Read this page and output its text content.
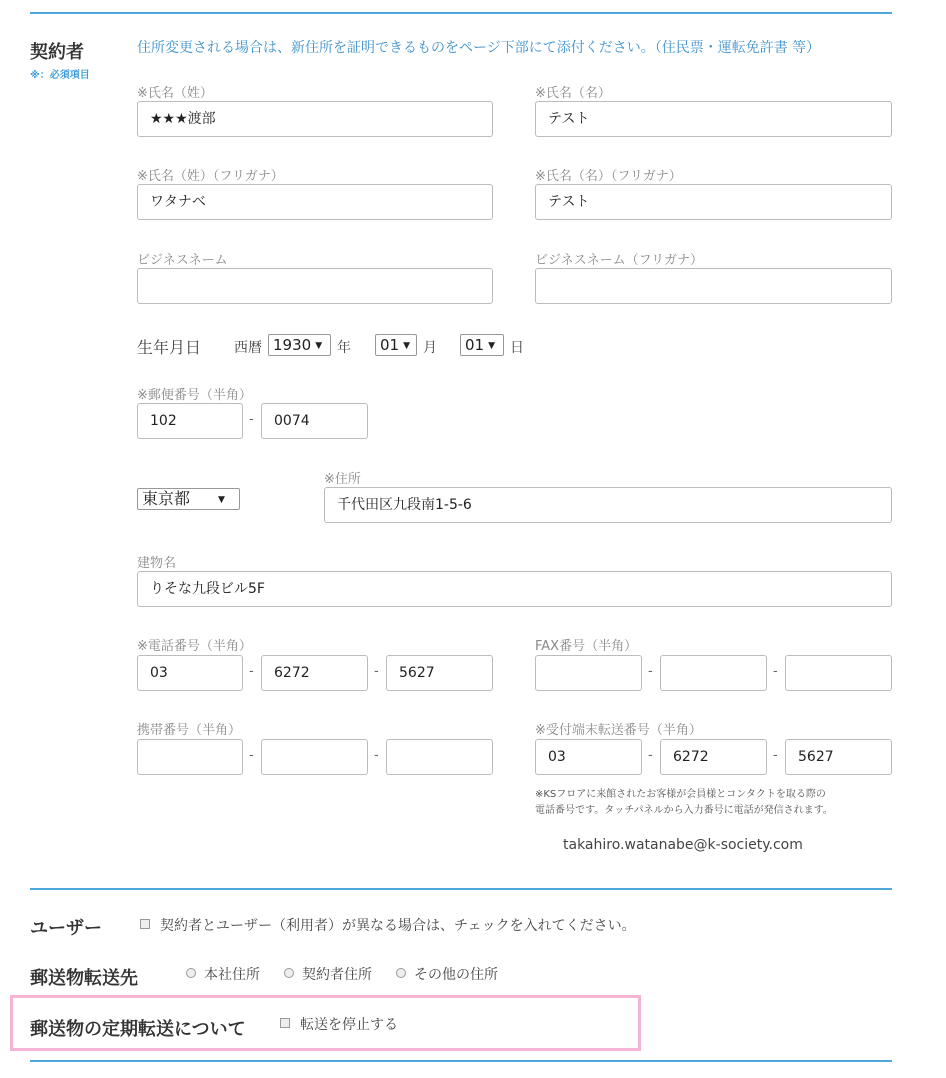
契約者
※：必須項目
住所変更される場合は、新住所を証明できるものをページ下部にて添付ください。（住民票・運転免許書 等）
※氏名（姓）
★★★渡部
※氏名（名）
テスト
※氏名（姓）（フリガナ）
ワタナベ
※氏名（名）（フリガナ）
テスト
ビジネスネーム	ビジネスネーム（フリガナ）
生年月日 西暦 1930 ▼	年	01 ▼ 月	01 ▼	日
※郵便番号（半角）
102	-	0074
東京都	▼
※住所
千代田区九段南1-5-6
建物名
りそな九段ビル5F
※電話番号（半角）
03	-	6272	-	5627
FAX番号（半角）
-	-
携帯番号（半角）
-	-
※受付端末転送番号（半角）
03	-	6272	-	5627
※KSフロアに来館されたお客様が会員様とコンタクトを取る際の
電話番号です。タッチパネルから入力番号に電話が発信されます。
takahiro.watanabe@k-society.com
ユーザー	契約者とユーザー（利用者）が異なる場合は、チェックを入れてください。
郵送物転送先	本社住所	契約者住所	その他の住所
郵送物の定期転送について	転送を停止する
